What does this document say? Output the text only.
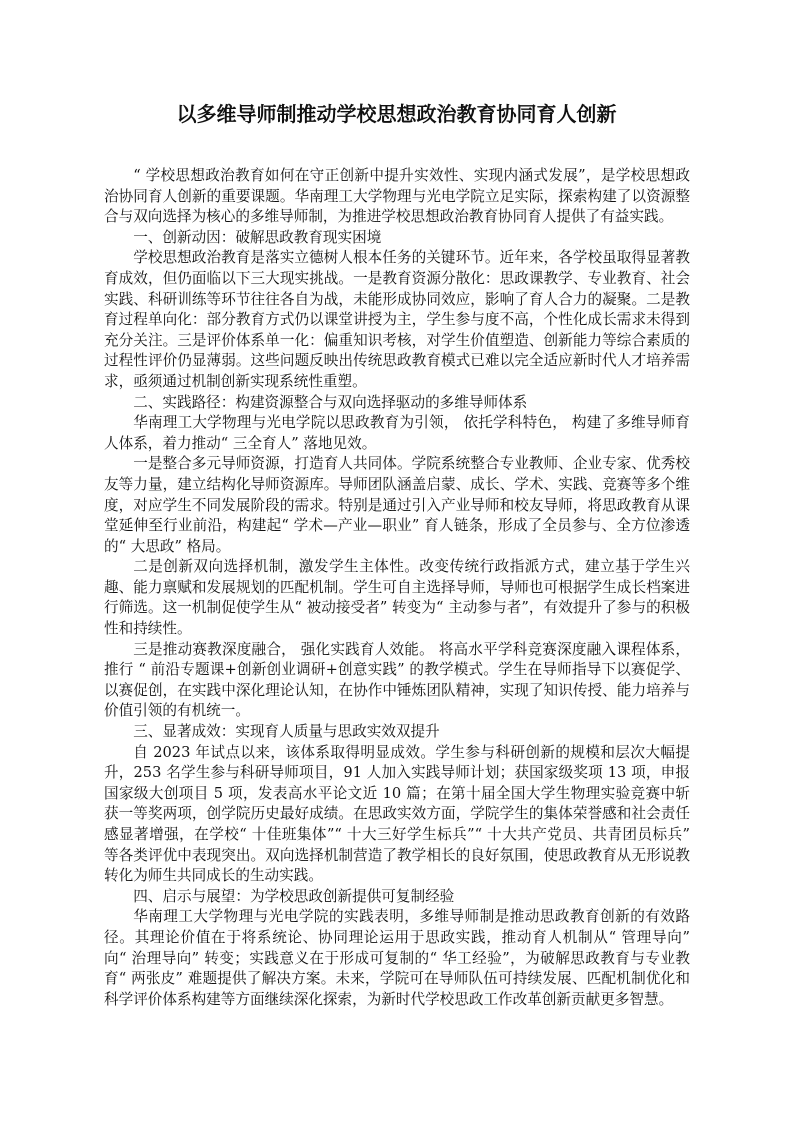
以多维导师制推动学校思想政治教育协同育人创新

“ 学校思想政治教育如何在守正创新中提升实效性、实现内涵式发展”，是学校思想政治协同育人创新的重要课题。华南理工大学物理与光电学院立足实际，探索构建了以资源整合与双向选择为核心的多维导师制，为推进学校思想政治教育协同育人提供了有益实践。

一、创新动因：破解思政教育现实困境

学校思想政治教育是落实立德树人根本任务的关键环节。近年来，各学校虽取得显著教育成效，但仍面临以下三大现实挑战。一是教育资源分散化：思政课教学、专业教育、社会实践、科研训练等环节往往各自为战，未能形成协同效应，影响了育人合力的凝聚。二是教育过程单向化：部分教育方式仍以课堂讲授为主，学生参与度不高，个性化成长需求未得到充分关注。三是评价体系单一化：偏重知识考核，对学生价值塑造、创新能力等综合素质的过程性评价仍显薄弱。这些问题反映出传统思政教育模式已难以完全适应新时代人才培养需求，亟须通过机制创新实现系统性重塑。

二、实践路径：构建资源整合与双向选择驱动的多维导师体系

华南理工大学物理与光电学院以思政教育为引领， 依托学科特色， 构建了多维导师育人体系，着力推动“ 三全育人” 落地见效。

一是整合多元导师资源，打造育人共同体。学院系统整合专业教师、企业专家、优秀校友等力量，建立结构化导师资源库。导师团队涵盖启蒙、成长、学术、实践、竞赛等多个维度，对应学生不同发展阶段的需求。特别是通过引入产业导师和校友导师，将思政教育从课堂延伸至行业前沿，构建起“ 学术—产业—职业” 育人链条，形成了全员参与、全方位渗透的“ 大思政” 格局。

二是创新双向选择机制，激发学生主体性。改变传统行政指派方式，建立基于学生兴趣、能力禀赋和发展规划的匹配机制。学生可自主选择导师，导师也可根据学生成长档案进行筛选。这一机制促使学生从“ 被动接受者” 转变为“ 主动参与者”，有效提升了参与的积极性和持续性。

三是推动赛教深度融合， 强化实践育人效能。 将高水平学科竞赛深度融入课程体系， 推行 “ 前沿专题课+创新创业调研+创意实践” 的教学模式。学生在导师指导下以赛促学、以赛促创，在实践中深化理论认知，在协作中锤炼团队精神，实现了知识传授、能力培养与价值引领的有机统一。

三、显著成效：实现育人质量与思政实效双提升

自 2023 年试点以来，该体系取得明显成效。学生参与科研创新的规模和层次大幅提升，253 名学生参与科研导师项目，91 人加入实践导师计划；获国家级奖项 13 项，申报国家级大创项目 5 项，发表高水平论文近 10 篇；在第十届全国大学生物理实验竞赛中斩获一等奖两项，创学院历史最好成绩。在思政实效方面，学院学生的集体荣誉感和社会责任感显著增强，在学校“ 十佳班集体”“ 十大三好学生标兵”“ 十大共产党员、共青团员标兵” 等各类评优中表现突出。双向选择机制营造了教学相长的良好氛围，使思政教育从无形说教转化为师生共同成长的生动实践。

四、启示与展望：为学校思政创新提供可复制经验

华南理工大学物理与光电学院的实践表明，多维导师制是推动思政教育创新的有效路径。其理论价值在于将系统论、协同理论运用于思政实践，推动育人机制从“ 管理导向” 向“ 治理导向” 转变；实践意义在于形成可复制的“ 华工经验”，为破解思政教育与专业教育“ 两张皮” 难题提供了解决方案。未来，学院可在导师队伍可持续发展、匹配机制优化和科学评价体系构建等方面继续深化探索，为新时代学校思政工作改革创新贡献更多智慧。
